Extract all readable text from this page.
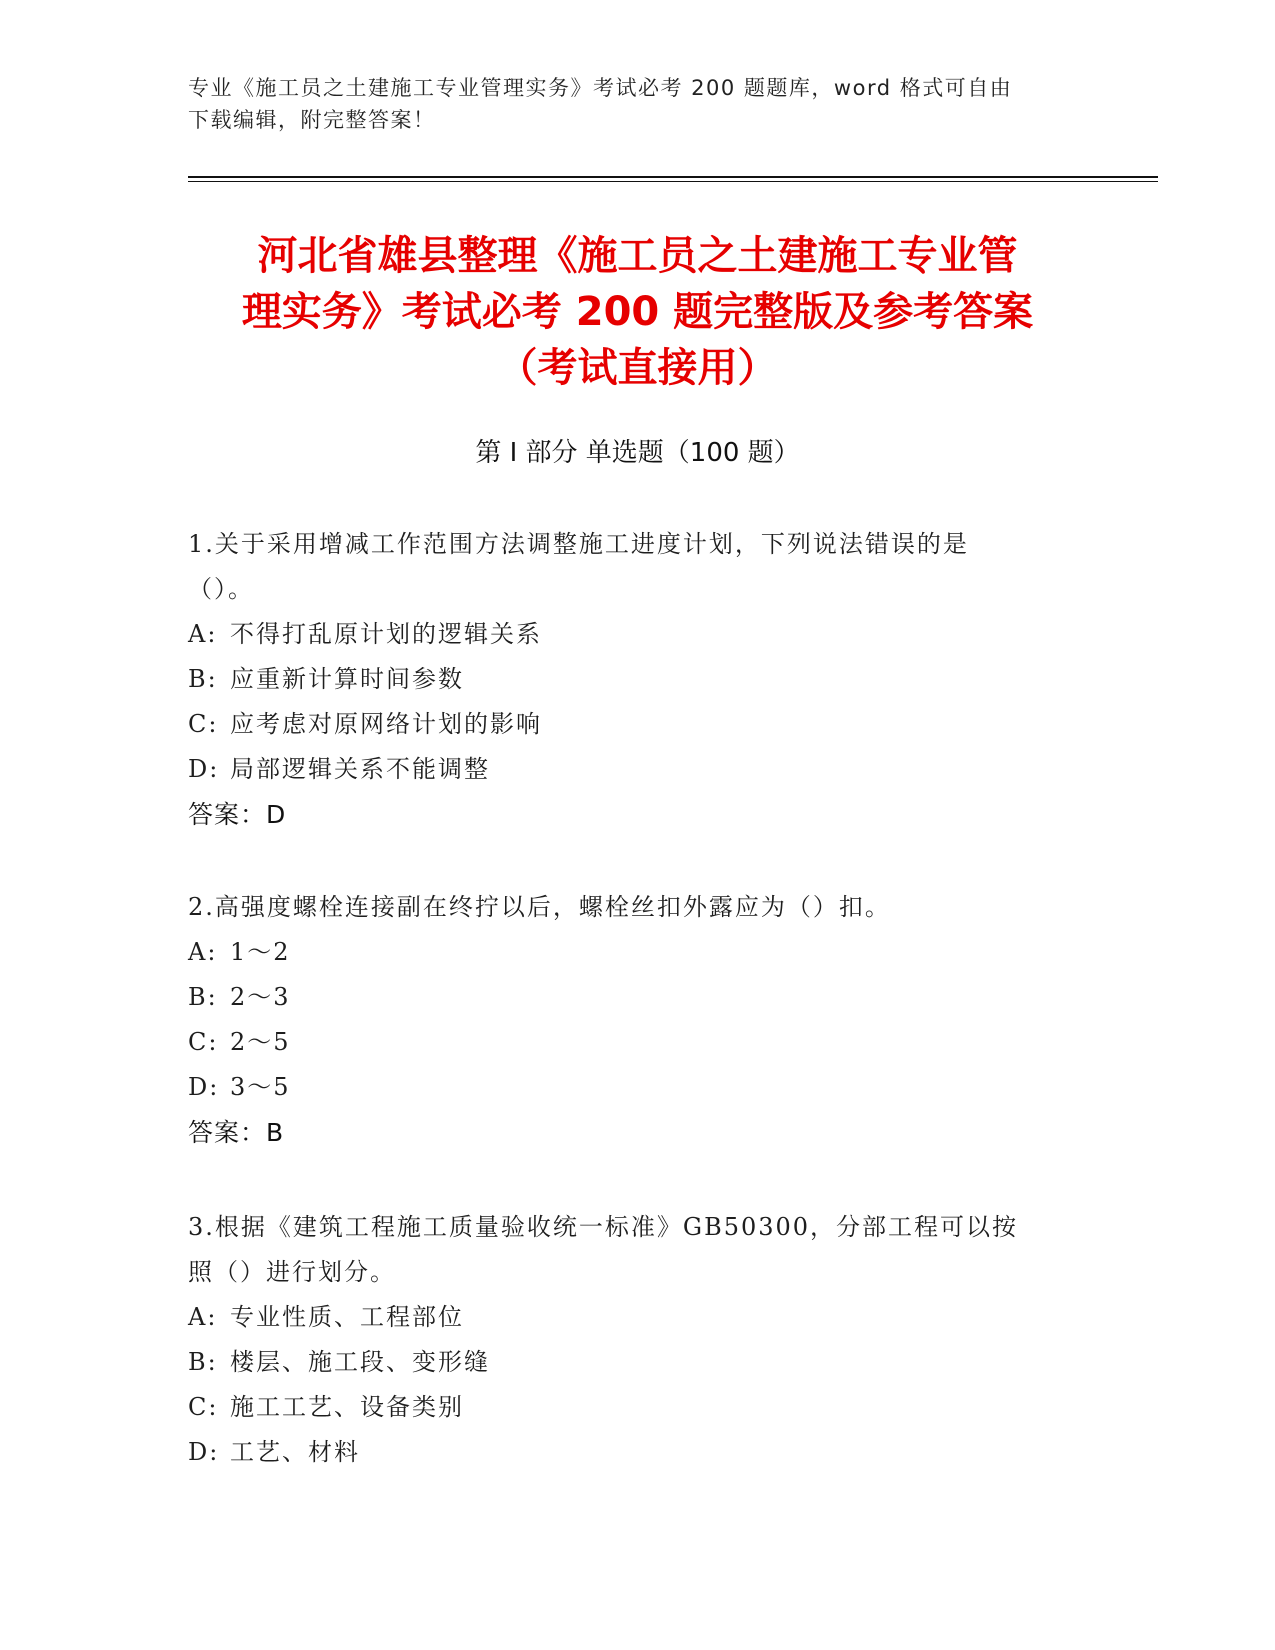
专业《施工员之土建施工专业管理实务》考试必考 200 题题库，word 格式可自由
下载编辑，附完整答案！
河北省雄县整理《施工员之土建施工专业管
理实务》考试必考 200 题完整版及参考答案
（考试直接用）
第 I 部分 单选题（100 题）
1.关于采用增减工作范围方法调整施工进度计划，下列说法错误的是
（）。
A: 不得打乱原计划的逻辑关系
B: 应重新计算时间参数
C: 应考虑对原网络计划的影响
D: 局部逻辑关系不能调整
答案：D
2.高强度螺栓连接副在终拧以后，螺栓丝扣外露应为（）扣。
A: 1～2
B: 2～3
C: 2～5
D: 3～5
答案：B
3.根据《建筑工程施工质量验收统一标准》GB50300，分部工程可以按
照（）进行划分。
A: 专业性质、工程部位
B: 楼层、施工段、变形缝
C: 施工工艺、设备类别
D: 工艺、材料
